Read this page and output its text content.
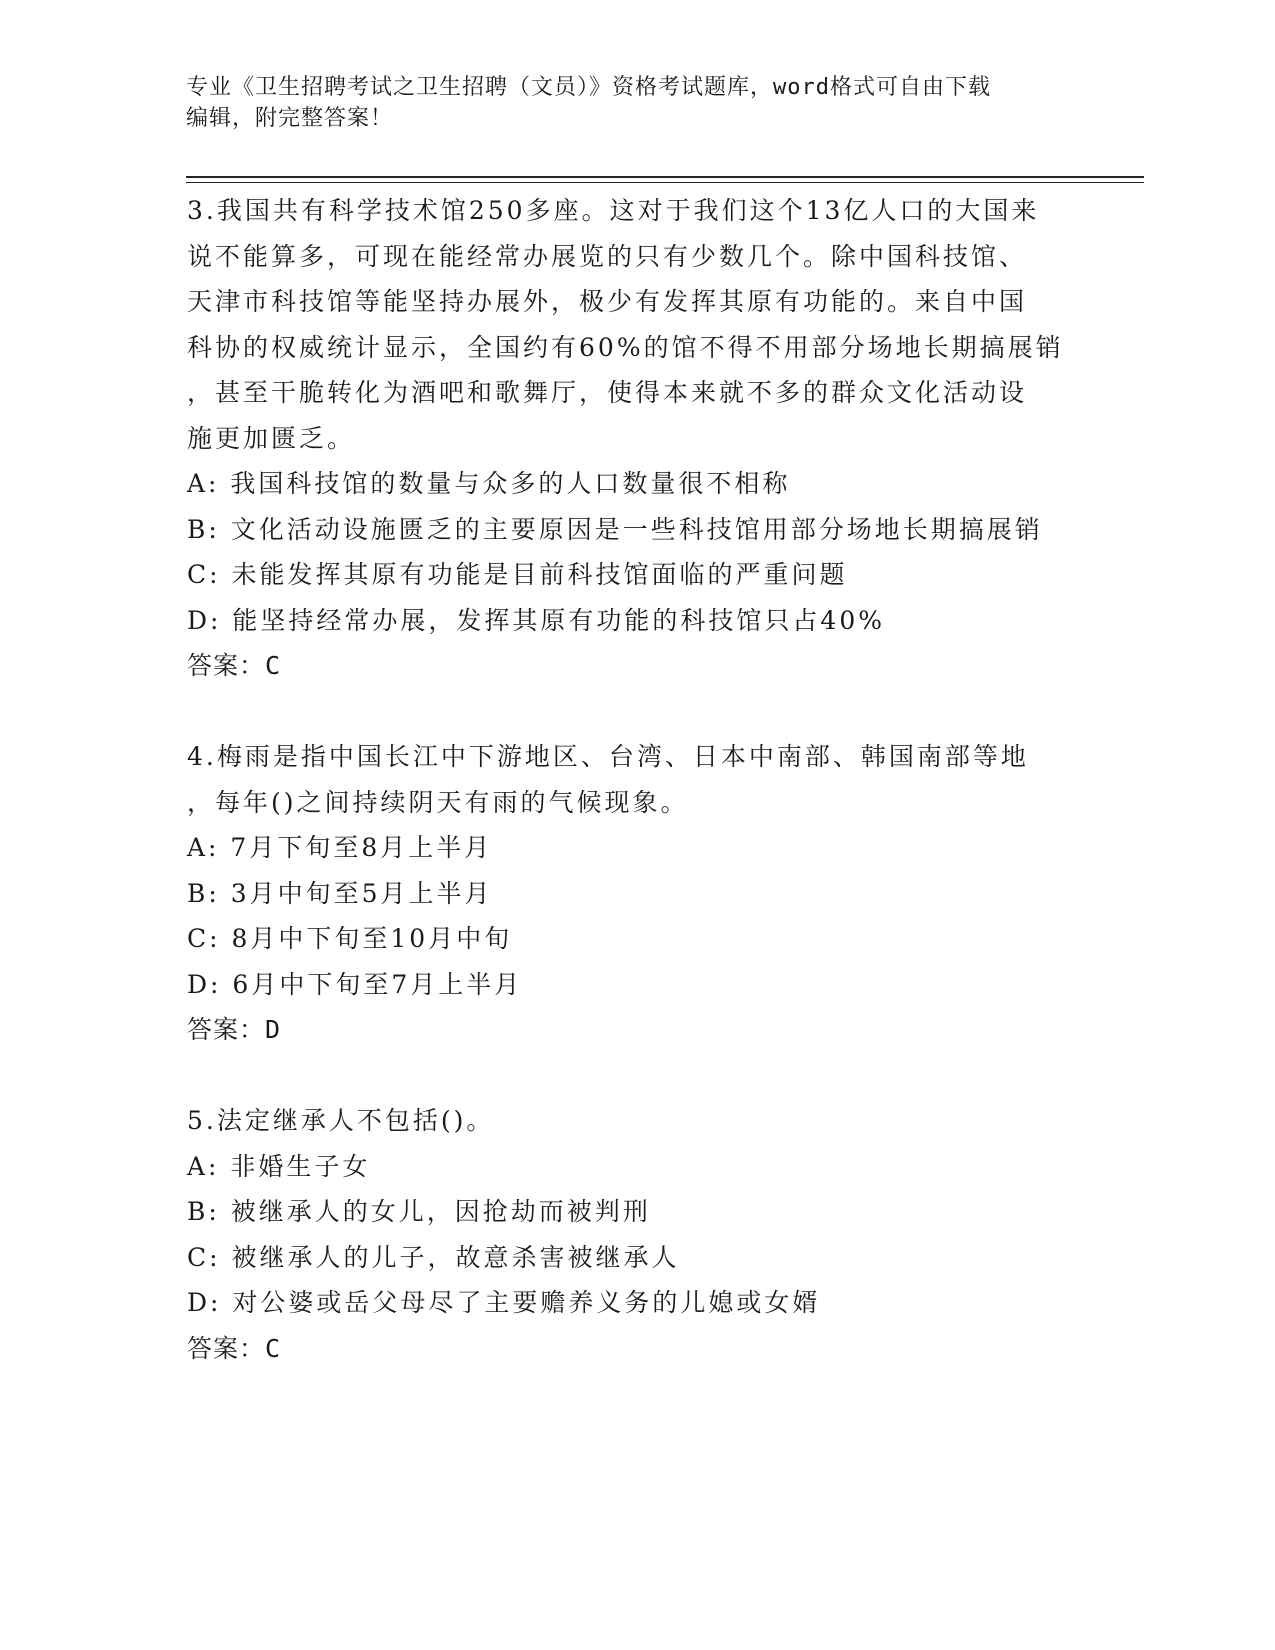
专业《卫生招聘考试之卫生招聘（文员）》资格考试题库，word格式可自由下载
编辑，附完整答案！
3.我国共有科学技术馆250多座。这对于我们这个13亿人口的大国来
说不能算多，可现在能经常办展览的只有少数几个。除中国科技馆、
天津市科技馆等能坚持办展外，极少有发挥其原有功能的。来自中国
科协的权威统计显示，全国约有60%的馆不得不用部分场地长期搞展销
，甚至干脆转化为酒吧和歌舞厅，使得本来就不多的群众文化活动设
施更加匮乏。
A: 我国科技馆的数量与众多的人口数量很不相称
B: 文化活动设施匮乏的主要原因是一些科技馆用部分场地长期搞展销
C: 未能发挥其原有功能是目前科技馆面临的严重问题
D: 能坚持经常办展，发挥其原有功能的科技馆只占40%
答案：C
4.梅雨是指中国长江中下游地区、台湾、日本中南部、韩国南部等地
，每年()之间持续阴天有雨的气候现象。
A: 7月下旬至8月上半月
B: 3月中旬至5月上半月
C: 8月中下旬至10月中旬
D: 6月中下旬至7月上半月
答案：D
5.法定继承人不包括()。
A: 非婚生子女
B: 被继承人的女儿，因抢劫而被判刑
C: 被继承人的儿子，故意杀害被继承人
D: 对公婆或岳父母尽了主要赡养义务的儿媳或女婿
答案：C
